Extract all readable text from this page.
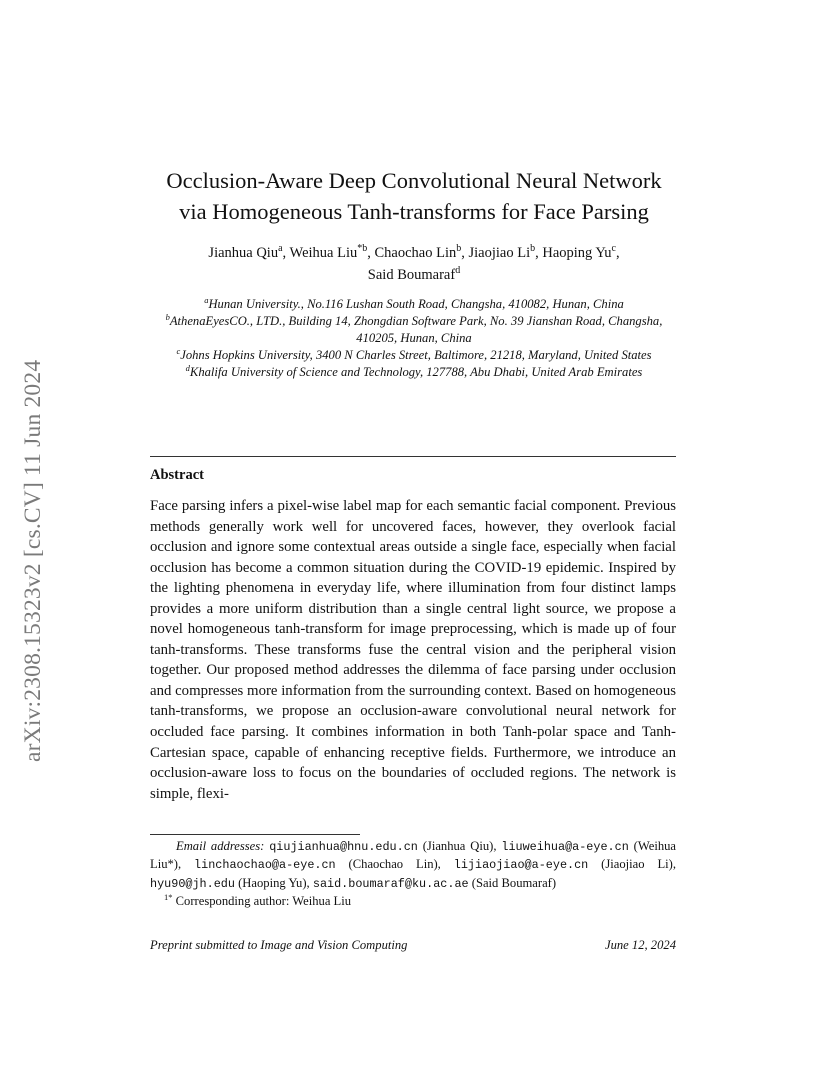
arXiv:2308.15323v2 [cs.CV] 11 Jun 2024
Occlusion-Aware Deep Convolutional Neural Network
via Homogeneous Tanh-transforms for Face Parsing
Jianhua Qiu$^a$, Weihua Liu$^{*b}$, Chaochao Lin$^b$, Jiaojiao Li$^b$, Haoping Yu$^c$,
Said Boumaraf$^d$
$^a$Hunan University., No.116 Lushan South Road, Changsha, 410082, Hunan, China
$^b$AthenaEyesCO., LTD., Building 14, Zhongdian Software Park, No. 39 Jianshan Road, Changsha, 410205, Hunan, China
$^c$Johns Hopkins University, 3400 N Charles Street, Baltimore, 21218, Maryland, United States
$^d$Khalifa University of Science and Technology, 127788, Abu Dhabi, United Arab Emirates
Abstract
Face parsing infers a pixel-wise label map for each semantic facial component. Previous methods generally work well for uncovered faces, however, they overlook facial occlusion and ignore some contextual areas outside a single face, especially when facial occlusion has become a common situation during the COVID-19 epidemic. Inspired by the lighting phenomena in everyday life, where illumination from four distinct lamps provides a more uniform distribution than a single central light source, we propose a novel homogeneous tanh-transform for image preprocessing, which is made up of four tanh-transforms. These transforms fuse the central vision and the peripheral vision together. Our proposed method addresses the dilemma of face parsing under occlusion and compresses more information from the surrounding context. Based on homogeneous tanh-transforms, we propose an occlusion-aware convolutional neural network for occluded face parsing. It combines information in both Tanh-polar space and Tanh-Cartesian space, capable of enhancing receptive fields. Furthermore, we introduce an occlusion-aware loss to focus on the boundaries of occluded regions. The network is simple, flexi-
Email addresses: qiujianhua@hnu.edu.cn (Jianhua Qiu), liuweihua@a-eye.cn (Weihua Liu*), linchaochao@a-eye.cn (Chaochao Lin), lijiaojiao@a-eye.cn (Jiaojiao Li), hyu90@jh.edu (Haoping Yu), said.boumaraf@ku.ac.ae (Said Boumaraf)
$^{1*}$ Corresponding author: Weihua Liu
Preprint submitted to Image and Vision Computing	June 12, 2024
